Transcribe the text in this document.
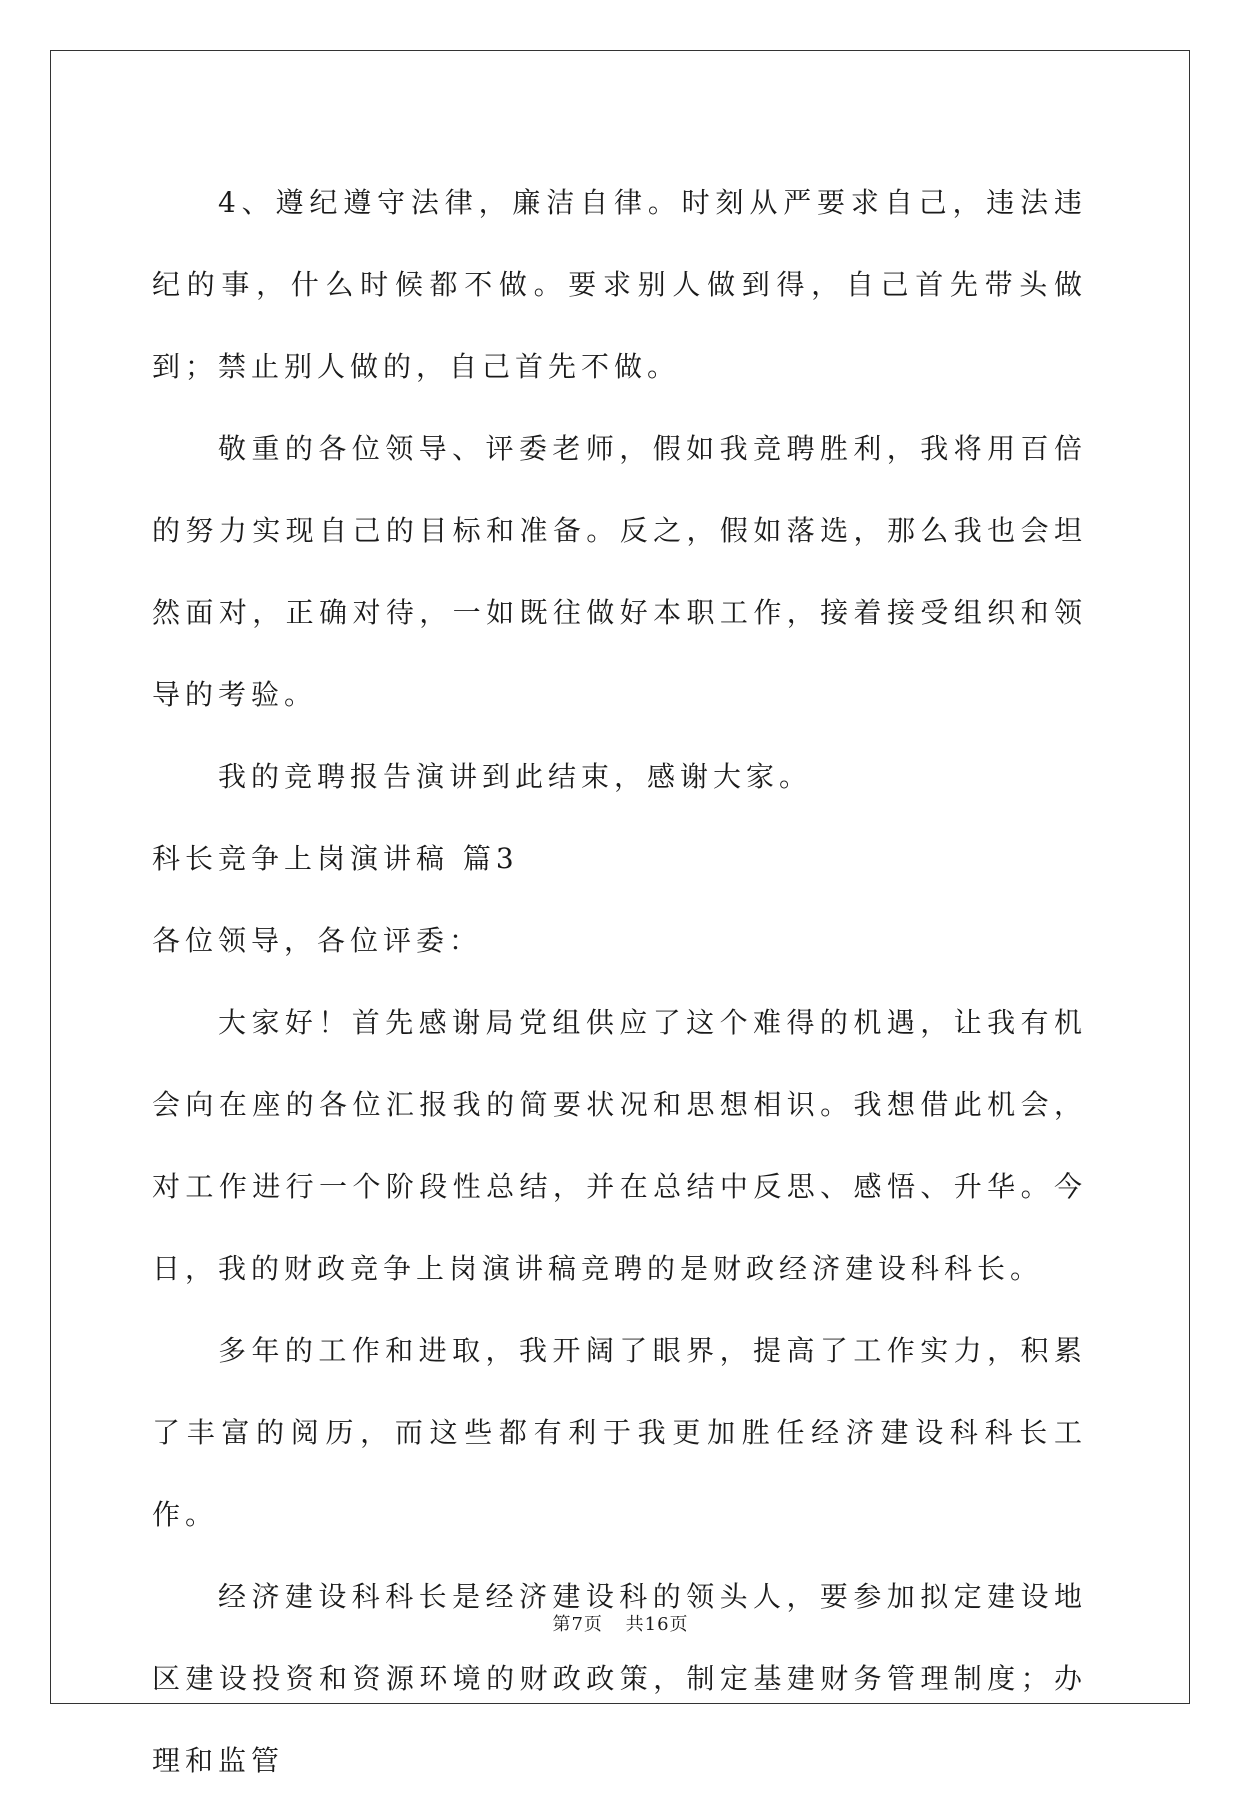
4、遵纪遵守法律，廉洁自律。时刻从严要求自己，违法违纪的事，什么时候都不做。要求别人做到得，自己首先带头做到；禁止别人做的，自己首先不做。

敬重的各位领导、评委老师，假如我竞聘胜利，我将用百倍的努力实现自己的目标和准备。反之，假如落选，那么我也会坦然面对，正确对待，一如既往做好本职工作，接着接受组织和领导的考验。

我的竞聘报告演讲到此结束，感谢大家。

科长竞争上岗演讲稿 篇3

各位领导，各位评委：

大家好！首先感谢局党组供应了这个难得的机遇，让我有机会向在座的各位汇报我的简要状况和思想相识。我想借此机会，对工作进行一个阶段性总结，并在总结中反思、感悟、升华。今日，我的财政竞争上岗演讲稿竞聘的是财政经济建设科科长。

多年的工作和进取，我开阔了眼界，提高了工作实力，积累了丰富的阅历，而这些都有利于我更加胜任经济建设科科长工作。

经济建设科科长是经济建设科的领头人，要参加拟定建设地区建设投资和资源环境的财政政策，制定基建财务管理制度；办理和监管

第7页 共16页
